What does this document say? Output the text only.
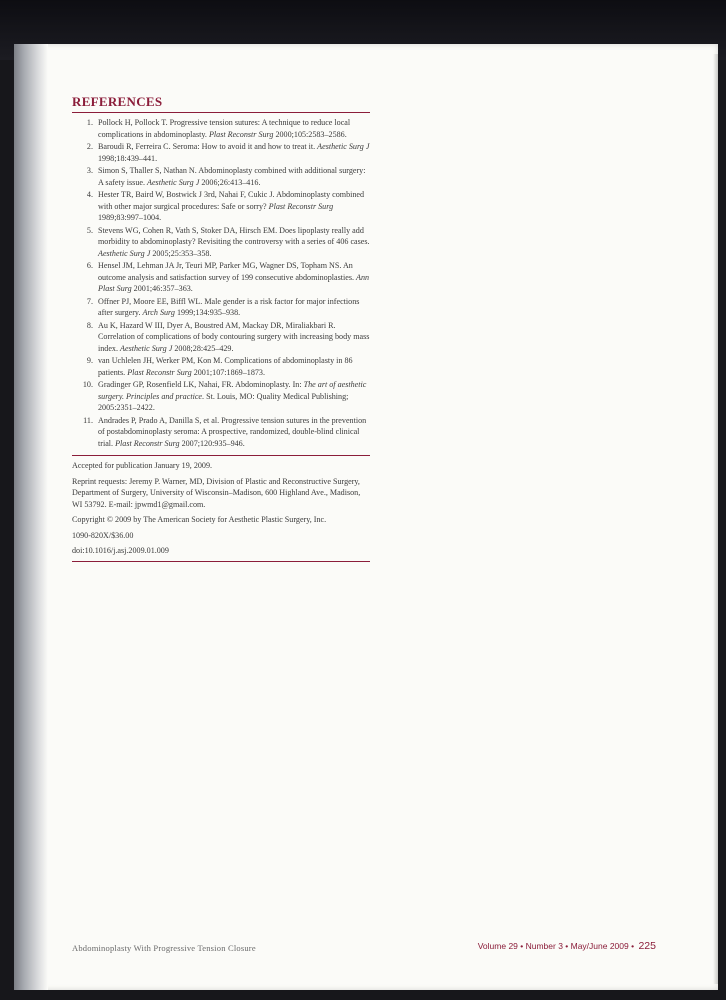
REFERENCES
1. Pollock H, Pollock T. Progressive tension sutures: A technique to reduce local complications in abdominoplasty. Plast Reconstr Surg 2000;105:2583–2586.
2. Baroudi R, Ferreira C. Seroma: How to avoid it and how to treat it. Aesthetic Surg J 1998;18:439–441.
3. Simon S, Thaller S, Nathan N. Abdominoplasty combined with additional surgery: A safety issue. Aesthetic Surg J 2006;26:413–416.
4. Hester TR, Baird W, Bostwick J 3rd, Nahai F, Cukic J. Abdominoplasty combined with other major surgical procedures: Safe or sorry? Plast Reconstr Surg 1989;83:997–1004.
5. Stevens WG, Cohen R, Vath S, Stoker DA, Hirsch EM. Does lipoplasty really add morbidity to abdominoplasty? Revisiting the controversy with a series of 406 cases. Aesthetic Surg J 2005;25:353–358.
6. Hensel JM, Lehman JA Jr, Teuri MP, Parker MG, Wagner DS, Topham NS. An outcome analysis and satisfaction survey of 199 consecutive abdominoplasties. Ann Plast Surg 2001;46:357–363.
7. Offner PJ, Moore EE, Biffl WL. Male gender is a risk factor for major infections after surgery. Arch Surg 1999;134:935–938.
8. Au K, Hazard W III, Dyer A, Boustred AM, Mackay DR, Miraliakbari R. Correlation of complications of body contouring surgery with increasing body mass index. Aesthetic Surg J 2008;28:425–429.
9. van Uchlelen JH, Werker PM, Kon M. Complications of abdominoplasty in 86 patients. Plast Reconstr Surg 2001;107:1869–1873.
10. Gradinger GP, Rosenfield LK, Nahai, FR. Abdominoplasty. In: The art of aesthetic surgery. Principles and practice. St. Louis, MO: Quality Medical Publishing; 2005:2351–2422.
11. Andrades P, Prado A, Danilla S, et al. Progressive tension sutures in the prevention of postabdominoplasty seroma: A prospective, randomized, double-blind clinical trial. Plast Reconstr Surg 2007;120:935–946.

Accepted for publication January 19, 2009.

Reprint requests: Jeremy P. Warner, MD, Division of Plastic and Reconstructive Surgery, Department of Surgery, University of Wisconsin–Madison, 600 Highland Ave., Madison, WI 53792. E-mail: jpwmd1@gmail.com.

Copyright © 2009 by The American Society for Aesthetic Plastic Surgery, Inc.

1090-820X/$36.00

doi:10.1016/j.asj.2009.01.009

Abdominoplasty With Progressive Tension Closure	Volume 29 • Number 3 • May/June 2009 • 225
